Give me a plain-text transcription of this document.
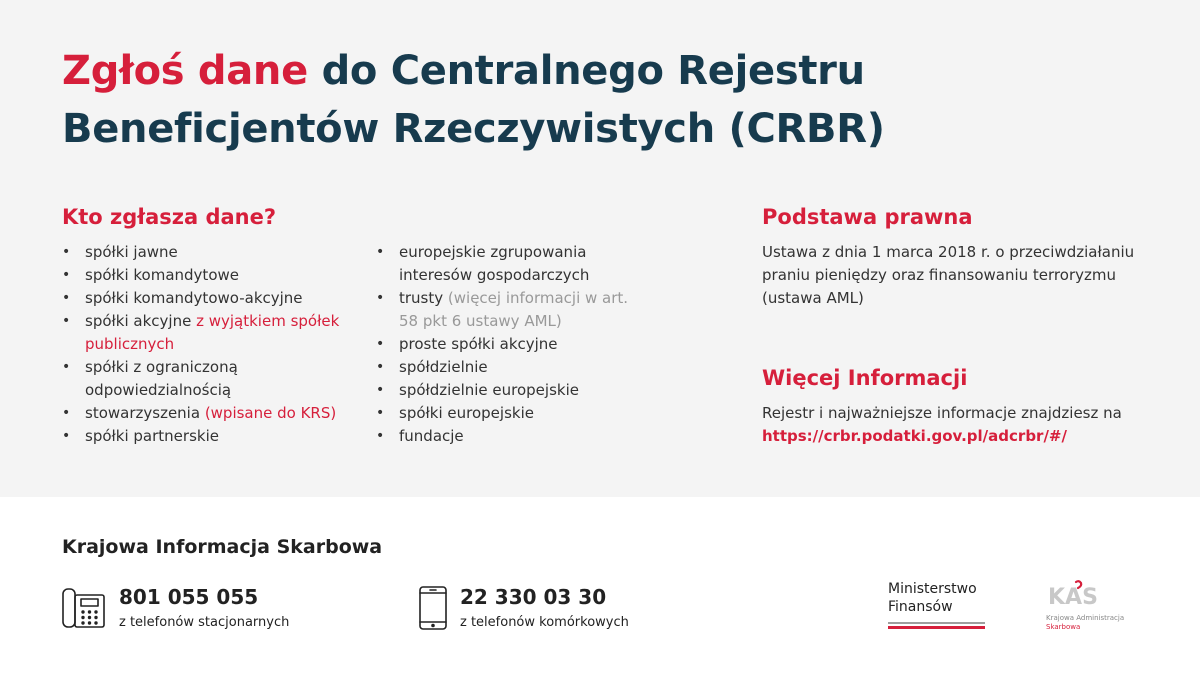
Zgłoś dane do Centralnego Rejestru Beneficjentów Rzeczywistych (CRBR)
Kto zgłasza dane?
• spółki jawne
• spółki komandytowe
• spółki komandytowo-akcyjne
• spółki akcyjne z wyjątkiem spółek publicznych
• spółki z ograniczoną odpowiedzialnością
• stowarzyszenia (wpisane do KRS)
• spółki partnerskie
• europejskie zgrupowania interesów gospodarczych
• trusty (więcej informacji w art. 58 pkt 6 ustawy AML)
• proste spółki akcyjne
• spółdzielnie
• spółdzielnie europejskie
• spółki europejskie
• fundacje
Podstawa prawna
Ustawa z dnia 1 marca 2018 r. o przeciwdziałaniu praniu pieniędzy oraz finansowaniu terroryzmu (ustawa AML)
Więcej Informacji
Rejestr i najważniejsze informacje znajdziesz na https://crbr.podatki.gov.pl/adcrbr/#/
Krajowa Informacja Skarbowa
801 055 055
z telefonów stacjonarnych
22 330 03 30
z telefonów komórkowych
Ministerstwo
Finansów	KAS
Krajowa Administracja
Skarbowa
